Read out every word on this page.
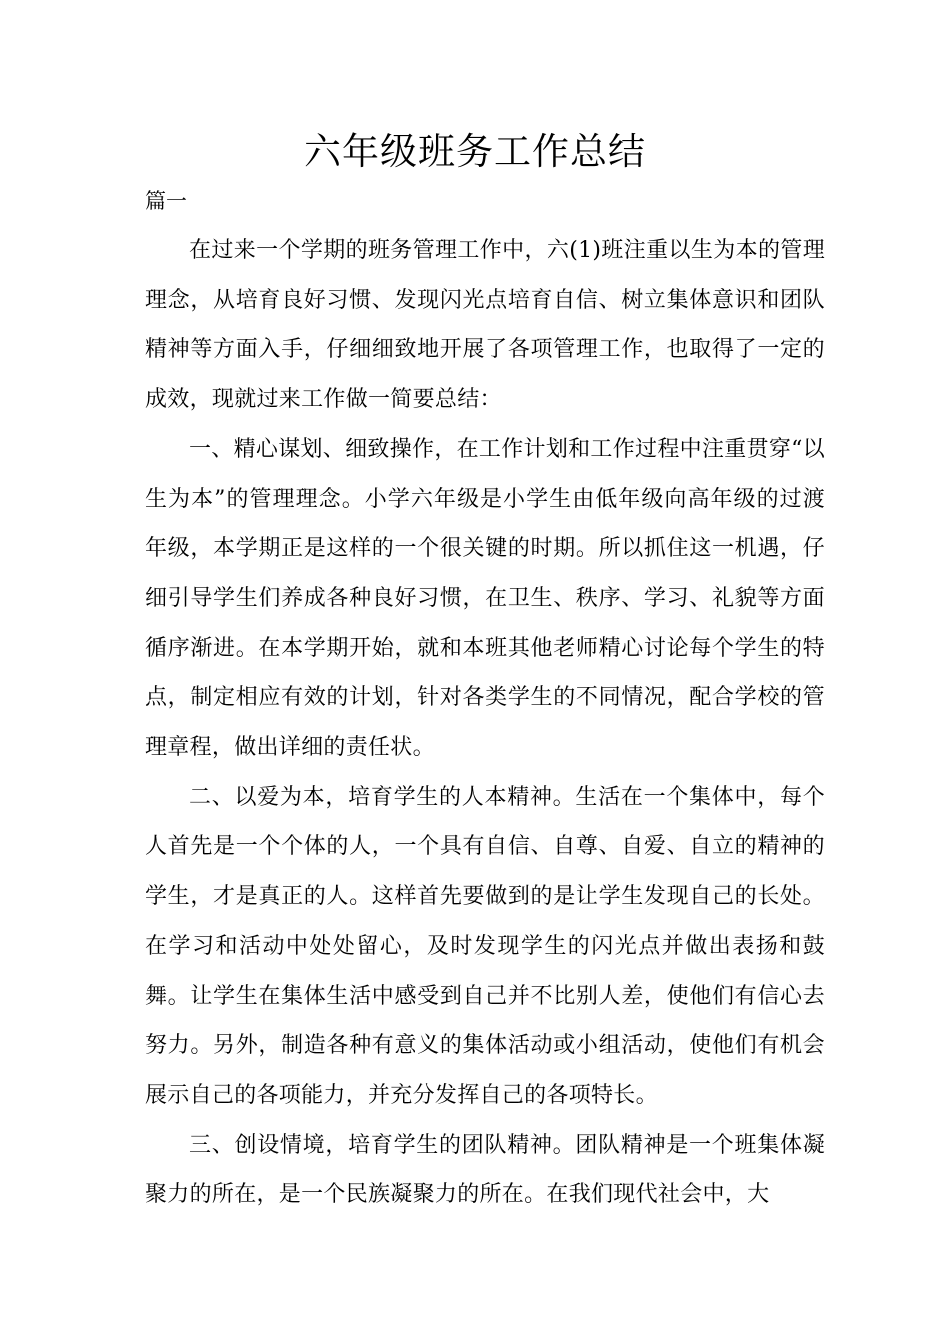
六年级班务工作总结
篇一

在过来一个学期的班务管理工作中，六(1)班注重以生为本的管理理念，从培育良好习惯、发现闪光点培育自信、树立集体意识和团队精神等方面入手，仔细细致地开展了各项管理工作，也取得了一定的成效，现就过来工作做一简要总结：

一、精心谋划、细致操作，在工作计划和工作过程中注重贯穿“以生为本”的管理理念。小学六年级是小学生由低年级向高年级的过渡年级，本学期正是这样的一个很关键的时期。所以抓住这一机遇，仔细引导学生们养成各种良好习惯，在卫生、秩序、学习、礼貌等方面循序渐进。在本学期开始，就和本班其他老师精心讨论每个学生的特点，制定相应有效的计划，针对各类学生的不同情况，配合学校的管理章程，做出详细的责任状。

二、以爱为本，培育学生的人本精神。生活在一个集体中，每个人首先是一个个体的人，一个具有自信、自尊、自爱、自立的精神的学生，才是真正的人。这样首先要做到的是让学生发现自己的长处。在学习和活动中处处留心，及时发现学生的闪光点并做出表扬和鼓舞。让学生在集体生活中感受到自己并不比别人差，使他们有信心去努力。另外，制造各种有意义的集体活动或小组活动，使他们有机会展示自己的各项能力，并充分发挥自己的各项特长。

三、创设情境，培育学生的团队精神。团队精神是一个班集体凝聚力的所在，是一个民族凝聚力的所在。在我们现代社会中，大
